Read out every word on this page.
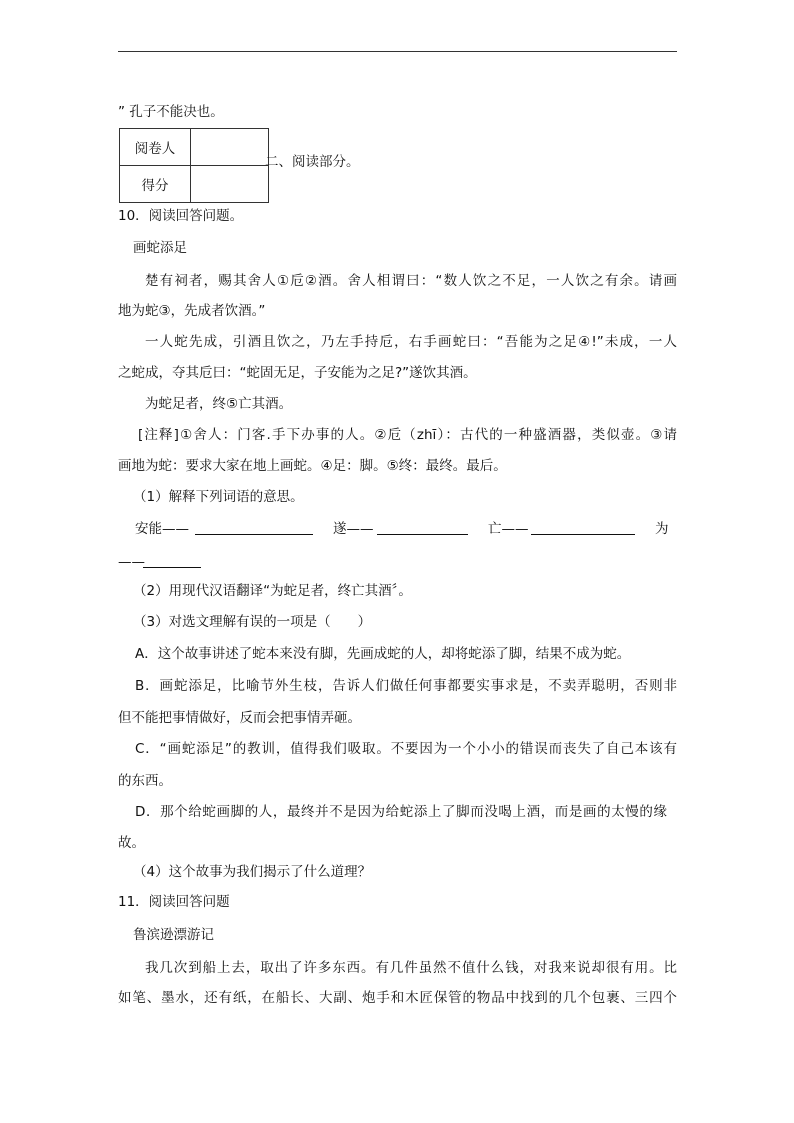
” 孔子不能决也。
阅卷人	
得分	
二、阅读部分。
10．阅读回答问题。
画蛇添足
楚有祠者，赐其舍人①卮②酒。舍人相谓曰：“数人饮之不足，一人饮之有余。请画
地为蛇③，先成者饮酒。”
一人蛇先成，引酒且饮之，乃左手持卮，右手画蛇曰：“吾能为之足④!”未成，一人
之蛇成，夺其卮曰：“蛇固无足，子安能为之足?”遂饮其酒。
为蛇足者，终⑤亡其酒。
[注释]①舍人：门客.手下办事的人。②卮（zhī）：古代的一种盛酒器，类似壶。③请
画地为蛇：要求大家在地上画蛇。④足：脚。⑤终：最终。最后。
（1）解释下列词语的意思。
安能——	遂——	亡——	为
——
（2）用现代汉语翻译“为蛇足者，终亡其酒〞。
（3）对选文理解有误的一项是（　　）
A．这个故事讲述了蛇本来没有脚，先画成蛇的人，却将蛇添了脚，结果不成为蛇。
B．画蛇添足，比喻节外生枝，告诉人们做任何事都要实事求是，不卖弄聪明，否则非
但不能把事情做好，反而会把事情弄砸。
C．“画蛇添足”的教训，值得我们吸取。不要因为一个小小的错误而丧失了自己本该有
的东西。
D．那个给蛇画脚的人，最终并不是因为给蛇添上了脚而没喝上酒，而是画的太慢的缘
故。
（4）这个故事为我们揭示了什么道理？
11．阅读回答问题
鲁滨逊漂游记
我几次到船上去，取出了许多东西。有几件虽然不值什么钱，对我来说却很有用。比
如笔、墨水，还有纸，在船长、大副、炮手和木匠保管的物品中找到的几个包裹、三四个
